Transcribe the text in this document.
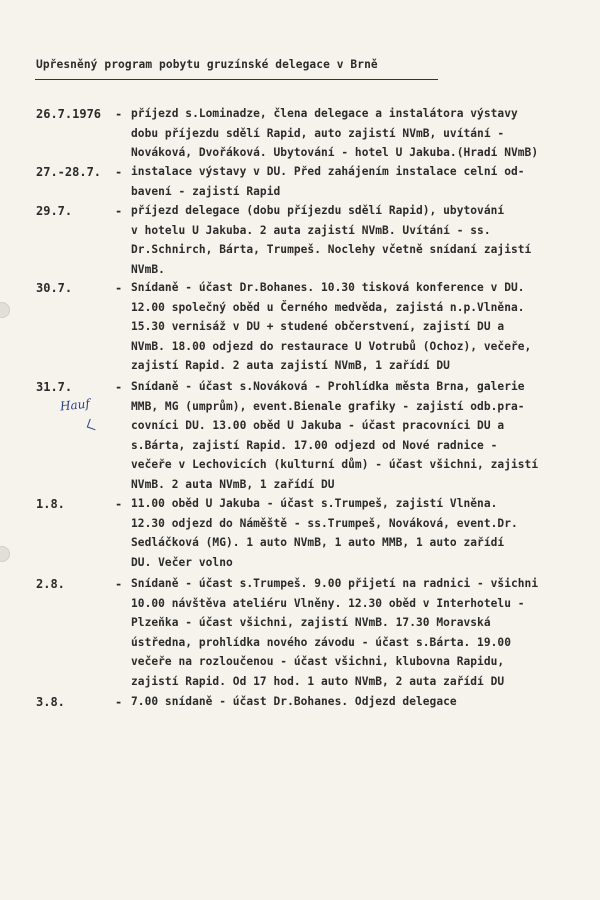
Upřesněný program pobytu gruzínské delegace v Brně
26.7.1976 - příjezd s.Lominadze, člena delegace a instalátora výstavy
dobu příjezdu sdělí Rapid, auto zajistí NVmB, uvítání -
Nováková, Dvořáková. Ubytování - hotel U Jakuba.(Hradí NVmB)
27.-28.7. - instalace výstavy v DU. Před zahájením instalace celní od-
bavení - zajistí Rapid
29.7.	- příjezd delegace (dobu příjezdu sdělí Rapid), ubytování
v hotelu U Jakuba. 2 auta zajistí NVmB. Uvítání - ss.
Dr.Schnirch, Bárta, Trumpeš. Noclehy včetně snídaní zajistí
NVmB.
30.7.	- Snídaně - účast Dr.Bohanes. 10.30 tisková konference v DU.
12.00 společný oběd u Černého medvěda, zajistá n.p.Vlněna.
15.30 vernisáž v DU + studené občerstvení, zajistí DU a
NVmB. 18.00 odjezd do restaurace U Votrubů (Ochoz), večeře,
zajistí Rapid. 2 auta zajistí NVmB, 1 zařídí DU
31.7.	- Snídaně - účast s.Nováková - Prohlídka města Brna, galerie
MMB, MG (umprům), event.Bienale grafiky - zajistí odb.pra-
covníci DU. 13.00 oběd U Jakuba - účast pracovníci DU a
s.Bárta, zajistí Rapid. 17.00 odjezd od Nové radnice -
večeře v Lechovicích (kulturní dům) - účast všichni, zajistí
NVmB. 2 auta NVmB, 1 zařídí DU
1.8.	- 11.00 oběd U Jakuba - účast s.Trumpeš, zajistí Vlněna.
12.30 odjezd do Náměště - ss.Trumpeš, Nováková, event.Dr.
Sedláčková (MG). 1 auto NVmB, 1 auto MMB, 1 auto zařídí
DU. Večer volno
2.8.	- Snídaně - účast s.Trumpeš. 9.00 přijetí na radnici - všichni
10.00 návštěva ateliéru Vlněny. 12.30 oběd v Interhotelu -
Plzeňka - účast všichni, zajistí NVmB. 17.30 Moravská
ústředna, prohlídka nového závodu - účast s.Bárta. 19.00
večeře na rozloučenou - účast všichni, klubovna Rapidu,
zajistí Rapid. Od 17 hod. 1 auto NVmB, 2 auta zařídí DU
3.8.	- 7.00 snídaně - účast Dr.Bohanes. Odjezd delegace
Hauf
